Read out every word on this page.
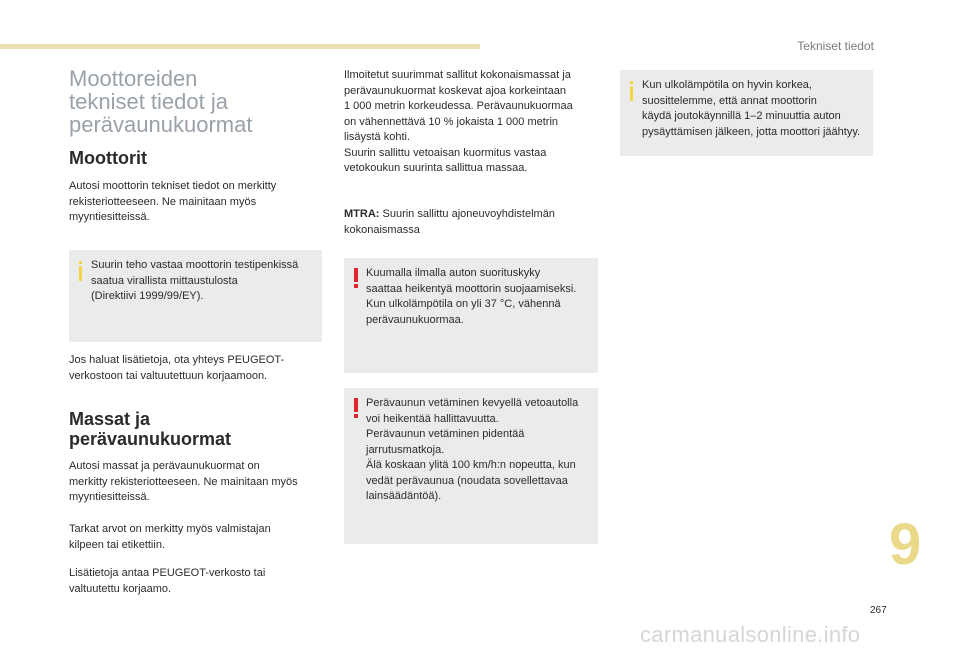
Tekniset tiedot
Moottoreiden
tekniset tiedot ja
perävaunukuormat
Moottorit

Autosi moottorin tekniset tiedot on merkitty
rekisteriotteeseen. Ne mainitaan myös
myyntiesitteissä.

Suurin teho vastaa moottorin testipenkissä
saatua virallista mittaustulosta
(Direktiivi 1999/99/EY).

Jos haluat lisätietoja, ota yhteys PEUGEOT-
verkostoon tai valtuutettuun korjaamoon.

Massat ja
perävaunukuormat

Autosi massat ja perävaunukuormat on
merkitty rekisteriotteeseen. Ne mainitaan myös
myyntiesitteissä.

Tarkat arvot on merkitty myös valmistajan
kilpeen tai etikettiin.

Lisätietoja antaa PEUGEOT-verkosto tai
valtuutettu korjaamo.

Ilmoitetut suurimmat sallitut kokonaismassat ja
perävaunukuormat koskevat ajoa korkeintaan
1 000 metrin korkeudessa. Perävaunukuormaa
on vähennettävä 10 % jokaista 1 000 metrin
lisäystä kohti.
Suurin sallittu vetoaisan kuormitus vastaa
vetokoukun suurinta sallittua massaa.

MTRA: Suurin sallittu ajoneuvoyhdistelmän
kokonaismassa

Kuumalla ilmalla auton suorituskyky
saattaa heikentyä moottorin suojaamiseksi.
Kun ulkolämpötila on yli 37 °C, vähennä
perävaunukuormaa.
Perävaunun vetäminen kevyellä vetoautolla
voi heikentää hallittavuutta.
Perävaunun vetäminen pidentää
jarrutusmatkoja.
Älä koskaan ylitä 100 km/h:n nopeutta, kun
vedät perävaunua (noudata sovellettavaa
lainsäädäntöä).
Kun ulkolämpötila on hyvin korkea,
suosittelemme, että annat moottorin
käydä joutokäynnillä 1–2 minuuttia auton
pysäyttämisen jälkeen, jotta moottori jäähtyy.
9
267
carmanualsonline.info
